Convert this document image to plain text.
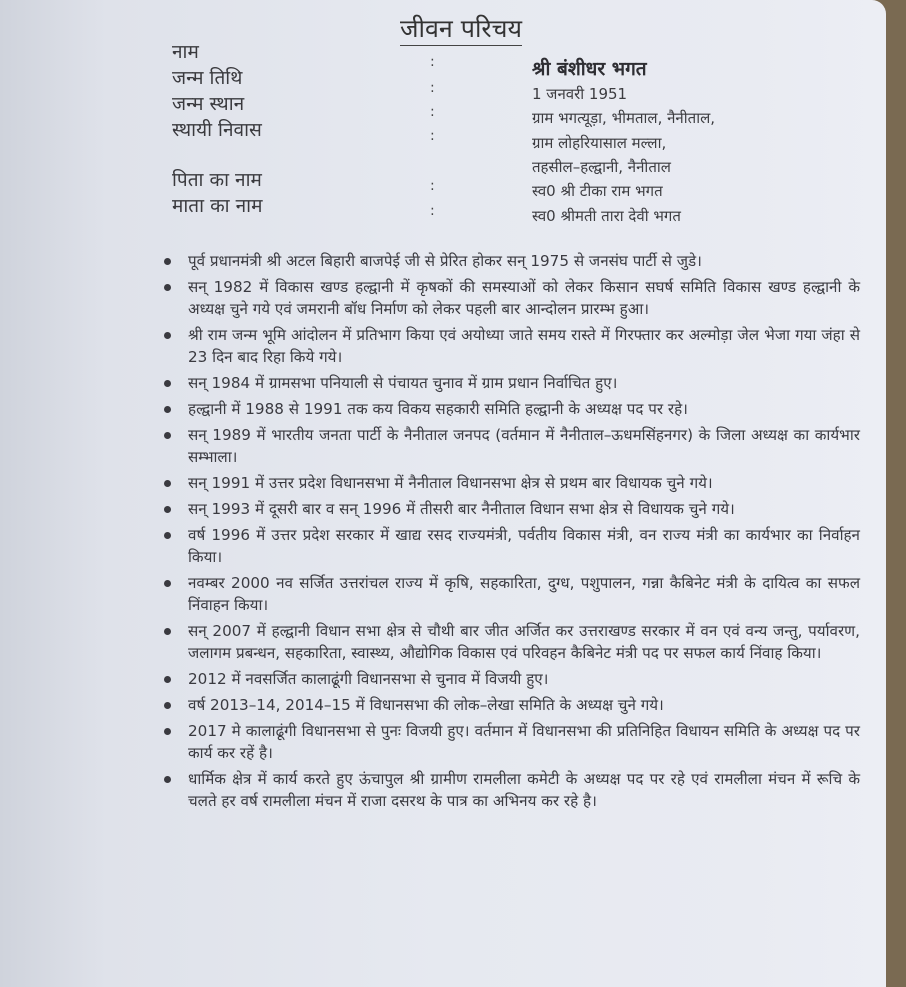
जीवन परिचय
नाम
जन्म तिथि
जन्म स्थान
स्थायी निवास
पिता का नाम
माता का नाम
:
:
:
:
:
:
श्री बंशीधर भगत
1 जनवरी 1951
ग्राम भगत्यूड़ा, भीमताल, नैनीताल,
ग्राम लोहरियासाल मल्ला,
तहसील–हल्द्वानी, नैनीताल
स्व0 श्री टीका राम भगत
स्व0 श्रीमती तारा देवी भगत
पूर्व प्रधानमंत्री श्री अटल बिहारी बाजपेई जी से प्रेरित होकर सन् 1975 से जनसंघ पार्टी से जुडे।
सन् 1982 में विकास खण्ड हल्द्वानी में कृषकों की समस्याओं को लेकर किसान सघर्ष समिति विकास खण्ड हल्द्वानी के अध्यक्ष चुने गये एवं जमरानी बॉध निर्माण को लेकर पहली बार आन्दोलन प्रारम्भ हुआ।
श्री राम जन्म भूमि आंदोलन में प्रतिभाग किया एवं अयोध्या जाते समय रास्ते में गिरफ्तार कर अल्मोड़ा जेल भेजा गया जंहा से 23 दिन बाद रिहा किये गये।
सन् 1984 में ग्रामसभा पनियाली से पंचायत चुनाव में ग्राम प्रधान निर्वाचित हुए।
हल्द्वानी में 1988 से 1991 तक कय विकय सहकारी समिति हल्द्वानी के अध्यक्ष पद पर रहे।
सन् 1989 में भारतीय जनता पार्टी के नैनीताल जनपद (वर्तमान में नैनीताल–ऊधमसिंहनगर) के जिला अध्यक्ष का कार्यभार सम्भाला।
सन् 1991 में उत्तर प्रदेश विधानसभा में नैनीताल विधानसभा क्षेत्र से प्रथम बार विधायक चुने गये।
सन् 1993 में दूसरी बार व सन् 1996 में तीसरी बार नैनीताल विधान सभा क्षेत्र से विधायक चुने गये।
वर्ष 1996 में उत्तर प्रदेश सरकार में खाद्य रसद राज्यमंत्री, पर्वतीय विकास मंत्री, वन राज्य मंत्री का कार्यभार का निर्वाहन किया।
नवम्बर 2000 नव सर्जित उत्तरांचल राज्य में कृषि, सहकारिता, दुग्ध, पशुपालन, गन्ना कैबिनेट मंत्री के दायित्व का सफल निंवाहन किया।
सन् 2007 में हल्द्वानी विधान सभा क्षेत्र से चौथी बार जीत अर्जित कर उत्तराखण्ड सरकार में वन एवं वन्य जन्तु, पर्यावरण, जलागम प्रबन्धन, सहकारिता, स्वास्थ्य, औद्योगिक विकास एवं परिवहन कैबिनेट मंत्री पद पर सफल कार्य निंवाह किया।
2012 में नवसर्जित कालाढूंगी विधानसभा से चुनाव में विजयी हुए।
वर्ष 2013–14, 2014–15 में विधानसभा की लोक–लेखा समिति के अध्यक्ष चुने गये।
2017 मे कालाढूंगी विधानसभा से पुनः विजयी हुए। वर्तमान में विधानसभा की प्रतिनिहित विधायन समिति के अध्यक्ष पद पर कार्य कर रहें है।
धार्मिक क्षेत्र में कार्य करते हुए ऊंचापुल श्री ग्रामीण रामलीला कमेटी के अध्यक्ष पद पर रहे एवं रामलीला मंचन में रूचि के चलते हर वर्ष रामलीला मंचन में राजा दसरथ के पात्र का अभिनय कर रहे है।
